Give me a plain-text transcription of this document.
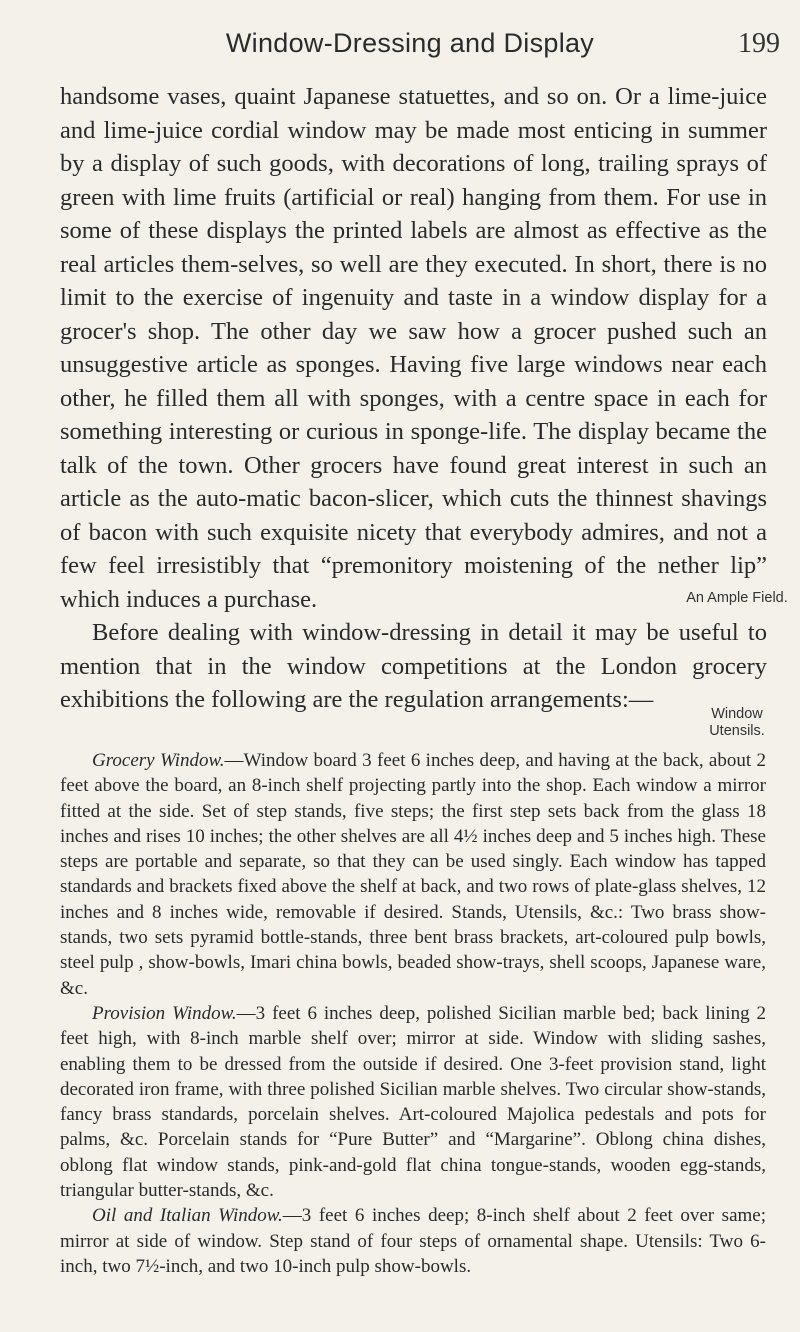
Window-Dressing and Display	199

handsome vases, quaint Japanese statuettes, and so on. Or a lime-juice and lime-juice cordial window may be made most enticing in summer by a display of such goods, with decorations of long, trailing sprays of green with lime fruits (artificial or real) hanging from them. For use in some of these displays the printed labels are almost as effective as the real articles them-selves, so well are they executed. In short, there is no limit to the exercise of ingenuity and taste in a window display for a grocer's shop. The other day we saw how a grocer pushed such an unsuggestive article as sponges. Having five large windows near each other, he filled them all with sponges, with a centre space in each for something interesting or curious in sponge-life. The display became the talk of the town. Other grocers have found great interest in such an article as the auto-matic bacon-slicer, which cuts the thinnest shavings of bacon with such exquisite nicety that everybody admires, and not a few feel irresistibly that “premonitory moistening of the nether lip” which induces a purchase.

Before dealing with window-dressing in detail it may be useful to mention that in the window competitions at the London grocery exhibitions the following are the regulation arrangements:—

An Ample Field.
Window Utensils.

Grocery Window.—Window board 3 feet 6 inches deep, and having at the back, about 2 feet above the board, an 8-inch shelf projecting partly into the shop. Each window a mirror fitted at the side. Set of step stands, five steps; the first step sets back from the glass 18 inches and rises 10 inches; the other shelves are all 4½ inches deep and 5 inches high. These steps are portable and separate, so that they can be used singly. Each window has tapped standards and brackets fixed above the shelf at back, and two rows of plate-glass shelves, 12 inches and 8 inches wide, removable if desired. Stands, Utensils, &c.: Two brass show-stands, two sets pyramid bottle-stands, three bent brass brackets, art-coloured pulp bowls, steel pulp , show-bowls, Imari china bowls, beaded show-trays, shell scoops, Japanese ware, &c.

Provision Window.—3 feet 6 inches deep, polished Sicilian marble bed; back lining 2 feet high, with 8-inch marble shelf over; mirror at side. Window with sliding sashes, enabling them to be dressed from the outside if desired. One 3-feet provision stand, light decorated iron frame, with three polished Sicilian marble shelves. Two circular show-stands, fancy brass standards, porcelain shelves. Art-coloured Majolica pedestals and pots for palms, &c. Porcelain stands for “Pure Butter” and “Margarine”. Oblong china dishes, oblong flat window stands, pink-and-gold flat china tongue-stands, wooden egg-stands, triangular butter-stands, &c.

Oil and Italian Window.—3 feet 6 inches deep; 8-inch shelf about 2 feet over same; mirror at side of window. Step stand of four steps of ornamental shape. Utensils: Two 6-inch, two 7½-inch, and two 10-inch pulp show-bowls.
